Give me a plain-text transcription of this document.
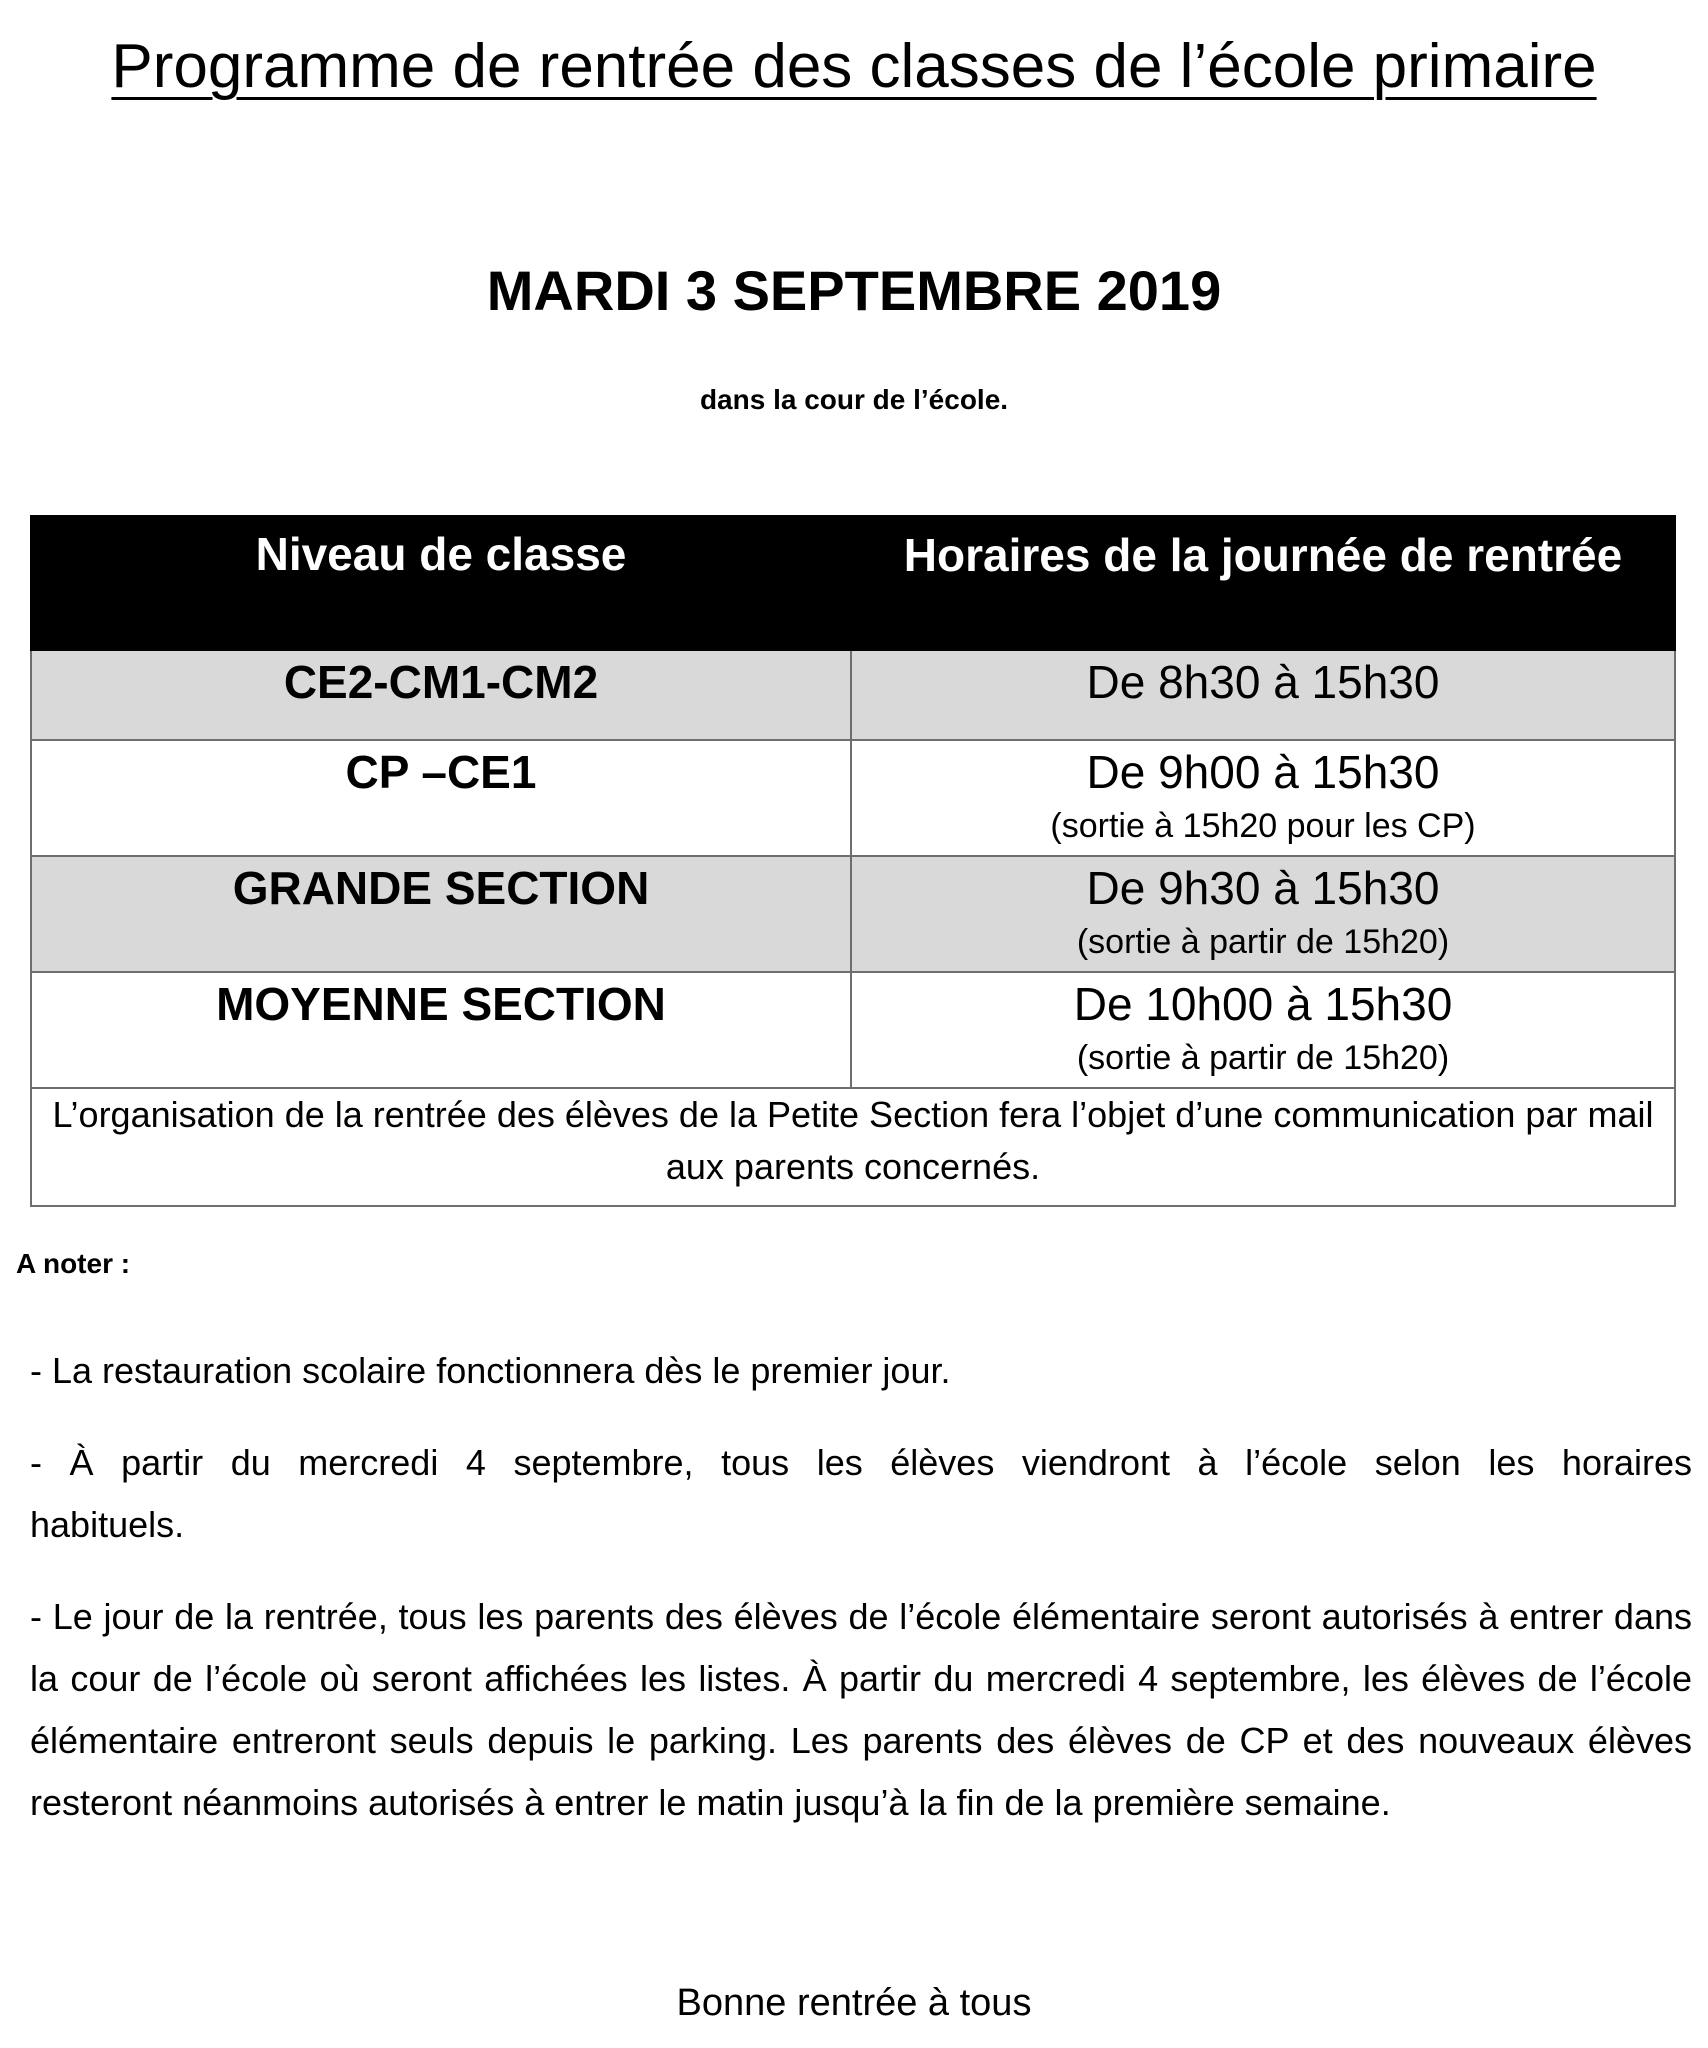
Programme de rentrée des classes de l’école primaire
MARDI 3 SEPTEMBRE 2019

dans la cour de l’école.

Niveau de classe	Horaires de la journée de rentrée

CE2-CM1-CM2	De 8h30 à 15h30
CP –CE1	De 9h00 à 15h30
(sortie à 15h20 pour les CP)

GRANDE SECTION	De 9h30 à 15h30
(sortie à partir de 15h20)

MOYENNE SECTION	De 10h00 à 15h30
(sortie à partir de 15h20)

L’organisation de la rentrée des élèves de la Petite Section fera l’objet d’une communication par mail aux parents concernés.	

A noter :

- La restauration scolaire fonctionnera dès le premier jour.

- À partir du mercredi 4 septembre, tous les élèves viendront à l’école selon les horaires habituels.

- Le jour de la rentrée, tous les parents des élèves de l’école élémentaire seront autorisés à entrer dans la cour de l’école où seront affichées les listes. À partir du mercredi 4 septembre, les élèves de l’école élémentaire entreront seuls depuis le parking. Les parents des élèves de CP et des nouveaux élèves resteront néanmoins autorisés à entrer le matin jusqu’à la fin de la première semaine.

Bonne rentrée à tous
